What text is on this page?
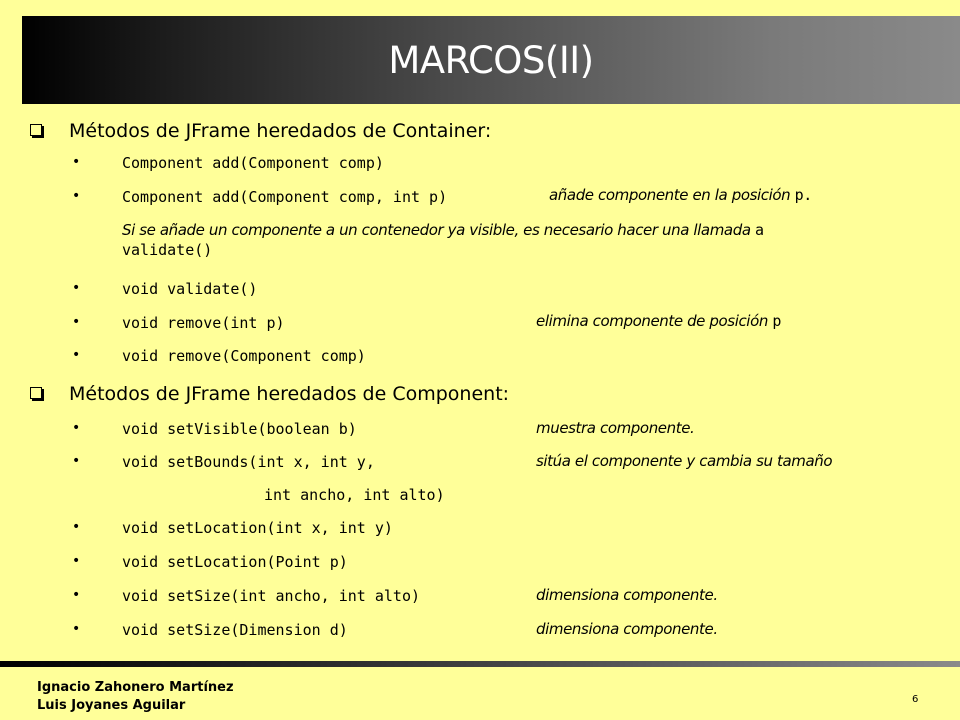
MARCOS(II)
Métodos de JFrame heredados de Container:
•	Component add(Component comp)
•	Component add(Component comp, int p)	añade componente en la posición p.
Si se añade un componente a un contenedor ya visible, es necesario hacer una llamada a
validate()
•	void validate()
•	void remove(int p)	elimina componente de posición p
•	void remove(Component comp)
Métodos de JFrame heredados de Component:
•	void setVisible(boolean b)	muestra componente.
•	void setBounds(int x, int y,	sitúa el componente y cambia su tamaño
int ancho, int alto)
•	void setLocation(int x, int y)
•	void setLocation(Point p)
•	void setSize(int ancho, int alto)	dimensiona componente.
•	void setSize(Dimension d)	dimensiona componente.
Ignacio Zahonero Martínez
Luis Joyanes Aguilar	6
